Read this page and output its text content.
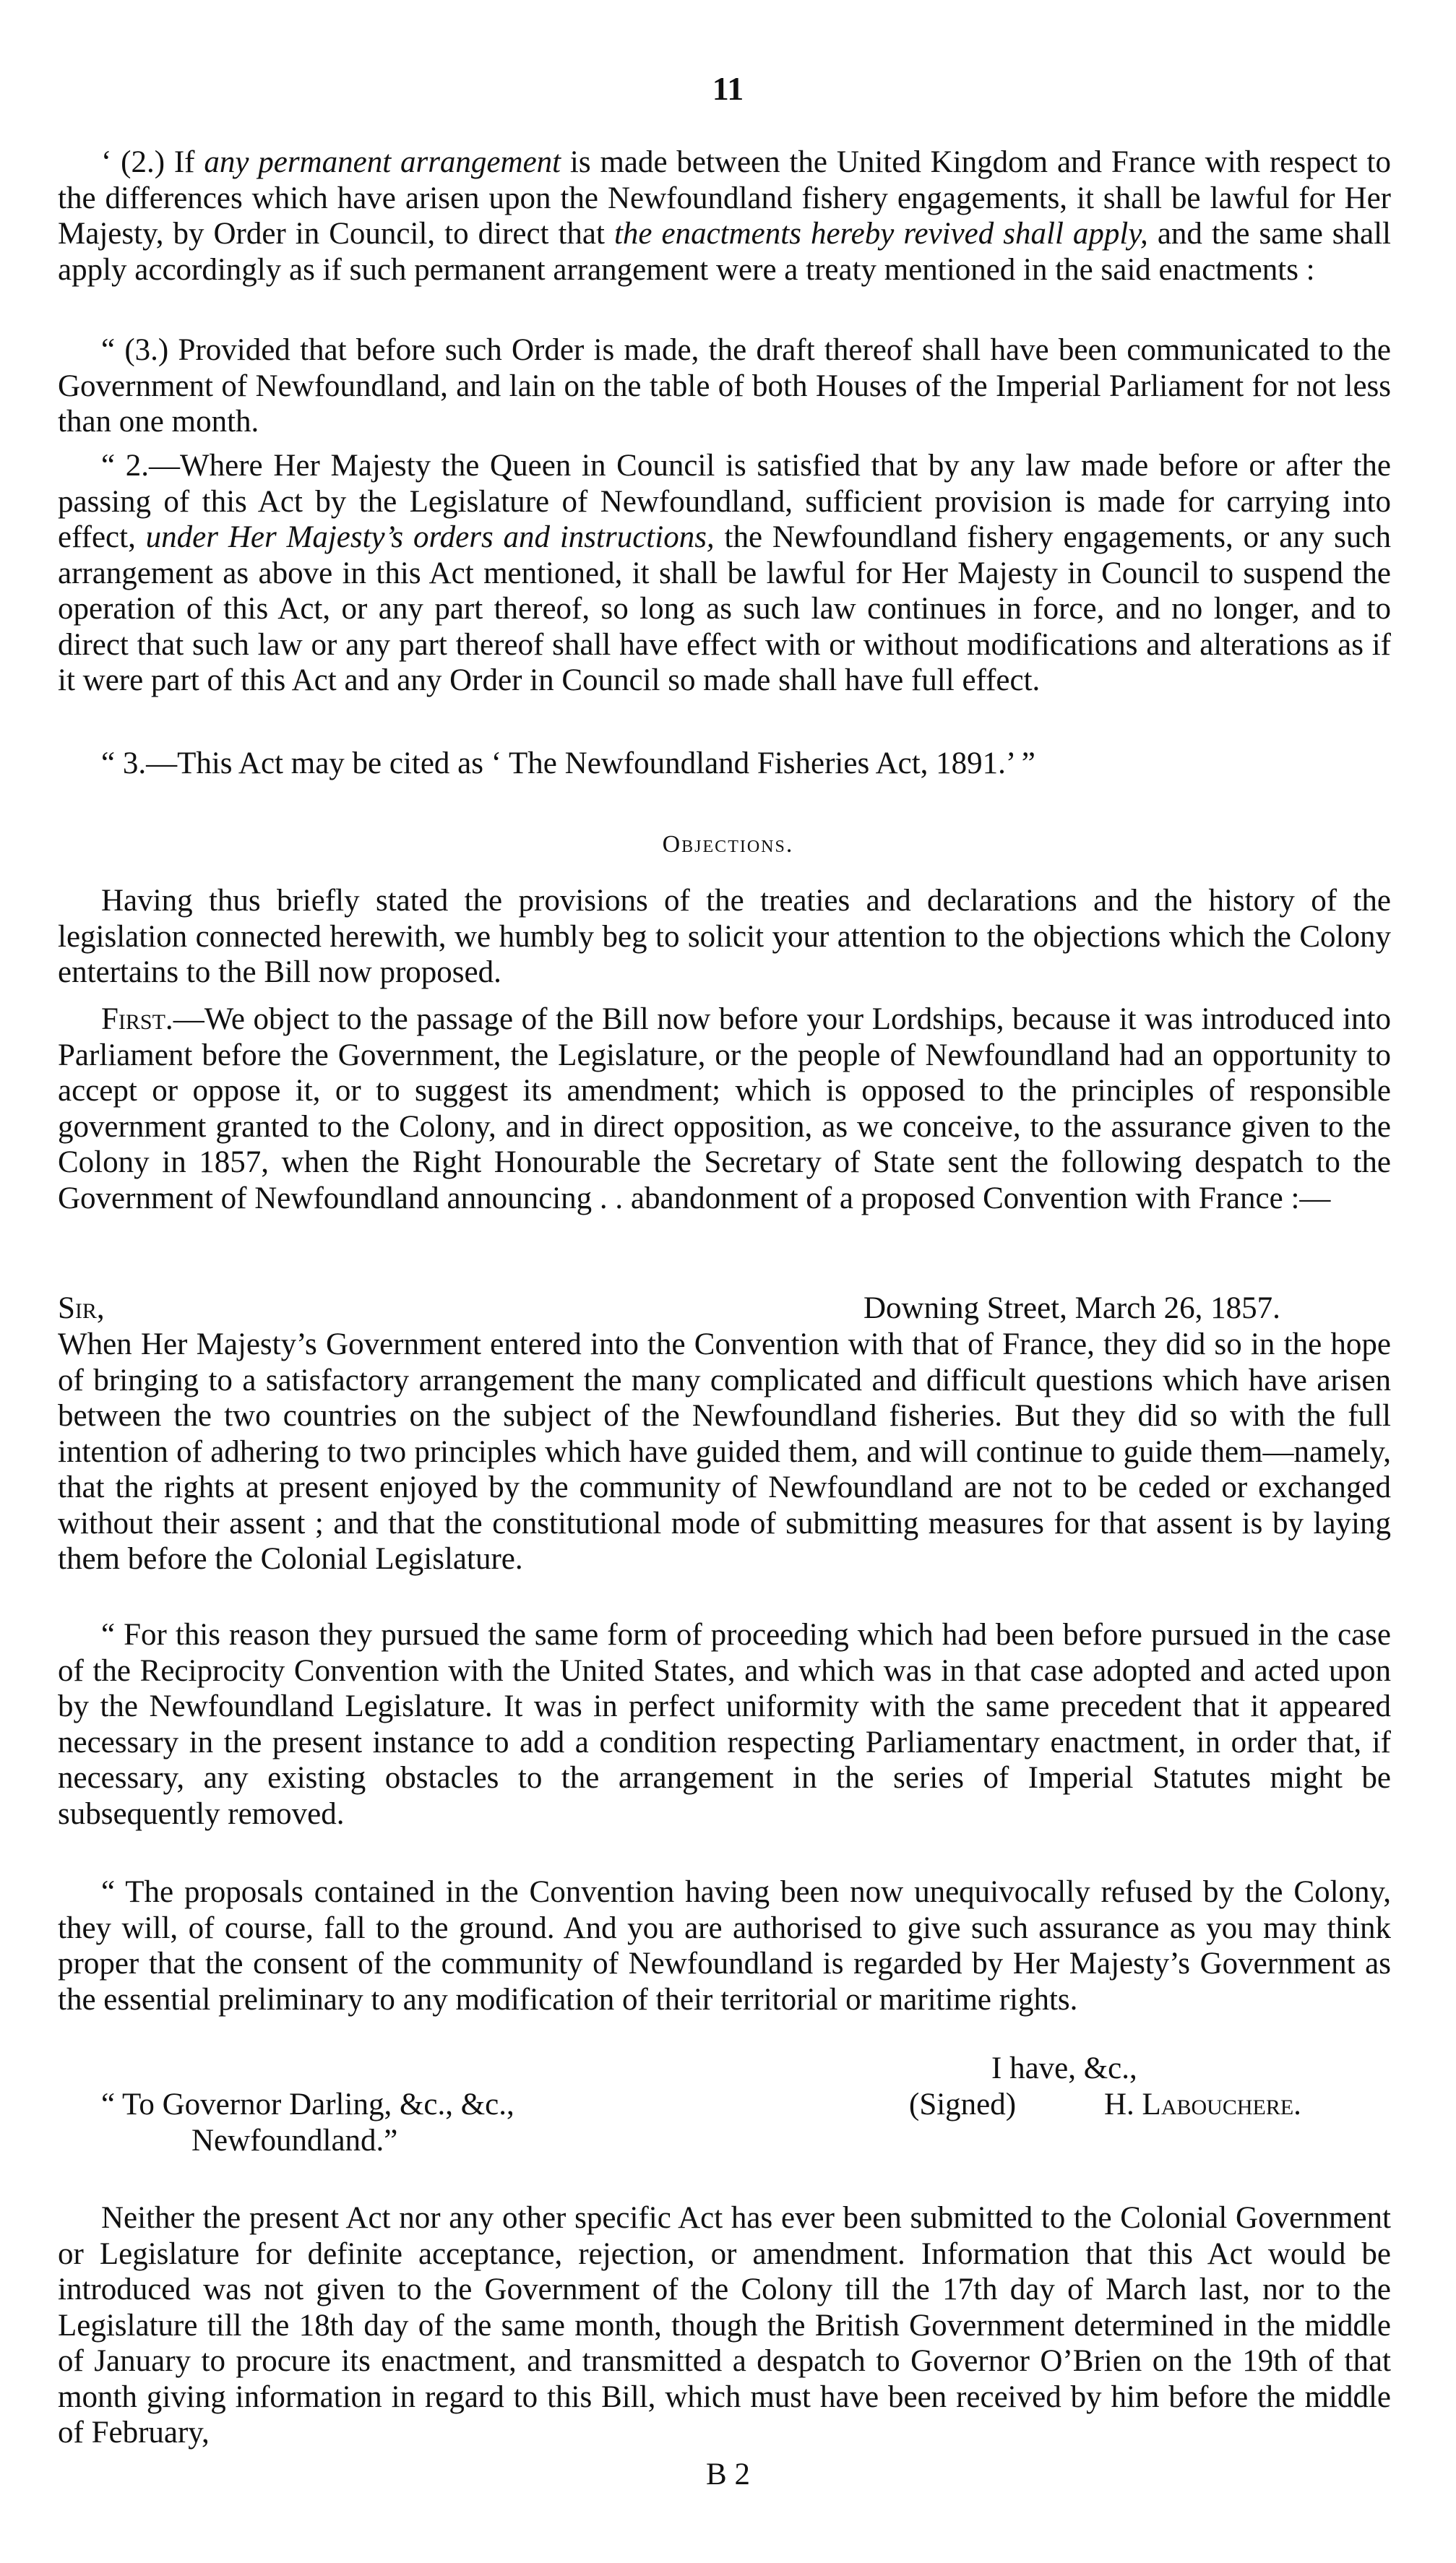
11

‘ (2.) If any permanent arrangement is made between the United Kingdom and France with respect to the differences which have arisen upon the Newfoundland fishery engagements, it shall be lawful for Her Majesty, by Order in Council, to direct that the enactments hereby revived shall apply, and the same shall apply accordingly as if such permanent arrangement were a treaty mentioned in the said enactments :

“ (3.) Provided that before such Order is made, the draft thereof shall have been communicated to the Government of Newfoundland, and lain on the table of both Houses of the Imperial Parliament for not less than one month.

“ 2.—Where Her Majesty the Queen in Council is satisfied that by any law made before or after the passing of this Act by the Legislature of Newfoundland, sufficient provision is made for carrying into effect, under Her Majesty’s orders and instructions, the Newfoundland fishery engagements, or any such arrangement as above in this Act mentioned, it shall be lawful for Her Majesty in Council to suspend the operation of this Act, or any part thereof, so long as such law continues in force, and no longer, and to direct that such law or any part thereof shall have effect with or without modifications and alterations as if it were part of this Act and any Order in Council so made shall have full effect.

“ 3.—This Act may be cited as ‘ The Newfoundland Fisheries Act, 1891.’ ”

Objections.

Having thus briefly stated the provisions of the treaties and declarations and the history of the legislation connected herewith, we humbly beg to solicit your attention to the objections which the Colony entertains to the Bill now proposed.

First.—We object to the passage of the Bill now before your Lordships, because it was introduced into Parliament before the Government, the Legislature, or the people of Newfoundland had an opportunity to accept or oppose it, or to suggest its amendment; which is opposed to the principles of responsible government granted to the Colony, and in direct opposition, as we conceive, to the assurance given to the Colony in 1857, when the Right Honourable the Secretary of State sent the following despatch to the Government of Newfoundland announcing . . abandonment of a proposed Convention with France :—

Sir,	Downing Street, March 26, 1857.

When Her Majesty’s Government entered into the Convention with that of France, they did so in the hope of bringing to a satisfactory arrangement the many complicated and difficult questions which have arisen between the two countries on the subject of the Newfoundland fisheries. But they did so with the full intention of adhering to two principles which have guided them, and will continue to guide them—namely, that the rights at present enjoyed by the community of Newfoundland are not to be ceded or exchanged without their assent ; and that the constitutional mode of submitting measures for that assent is by laying them before the Colonial Legislature.

“ For this reason they pursued the same form of proceeding which had been before pursued in the case of the Reciprocity Convention with the United States, and which was in that case adopted and acted upon by the Newfoundland Legislature. It was in perfect uniformity with the same precedent that it appeared necessary in the present instance to add a condition respecting Parliamentary enactment, in order that, if necessary, any existing obstacles to the arrangement in the series of Imperial Statutes might be subsequently removed.

“ The proposals contained in the Convention having been now unequivocally refused by the Colony, they will, of course, fall to the ground. And you are authorised to give such assurance as you may think proper that the consent of the community of Newfoundland is regarded by Her Majesty’s Government as the essential preliminary to any modification of their territorial or maritime rights.

I have, &c.,
“ To Governor Darling, &c., &c.,	(Signed)	H. Labouchere.
Newfoundland.”

Neither the present Act nor any other specific Act has ever been submitted to the Colonial Government or Legislature for definite acceptance, rejection, or amendment. Information that this Act would be introduced was not given to the Government of the Colony till the 17th day of March last, nor to the Legislature till the 18th day of the same month, though the British Government determined in the middle of January to procure its enactment, and transmitted a despatch to Governor O’Brien on the 19th of that month giving information in regard to this Bill, which must have been received by him before the middle of February,

B 2
